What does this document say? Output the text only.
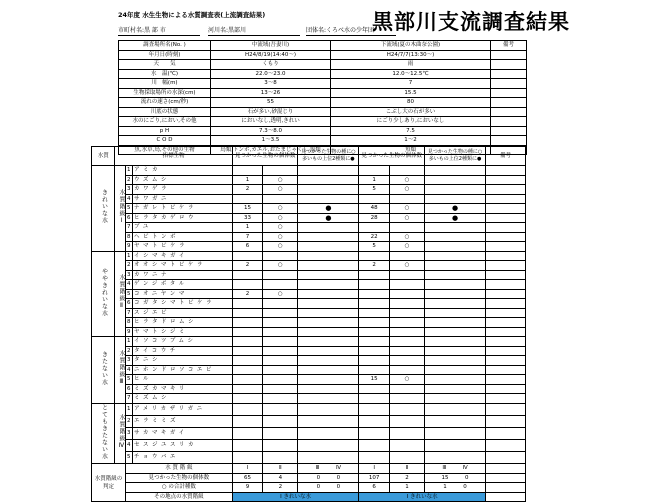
24年度 水生生物による水質調査表(上流調査結果)	黒部川支流調査結果
市町村名:黒 部 市	河川名:黒部川	団体名:くろべ水の少年団
調査場所名(No. )	中流域(吾妻川)	下流域(夏の木曲奈公園)	備考
年月日(時刻)	H24/8/19(14:40〜)	H24/7/7(13:30〜)	
天　　気	くもり	雨	
水　温(℃)	22.0〜23.0	12.0〜12.5℃	
川　幅(m)	3〜8	7	
生物採取場所の水深(cm)	13〜26	15.5	
流れの速さ(cm/秒)	55	80	
川底の状態	石が多い,砂混じり	こぶし大の石が多い	
水のにごり,におい,その他	においなし,透明,きれい	にごり少しあり,においなし	
p H	7.3〜8.0	7.5	
C O D	1〜3.5	1〜2	
魚,水草,鳥,その他の生物	鳥類,トンボ,カエル,おたまじゃくし,魚類	魚類	
水質	指標生物			見つかった生物の個体数		見つかった生物の種に○多いもの上位2種類に●	見つかった生物の個体数		見つかった生物の種に○多いもの上位2種類に●	備考
きれいな水	水質階級Ⅰ	1	アミカ							
		2	ウズムシ	1	○		1	○		
		3	カワゲラ	2	○		5	○		
		4	サワガニ							
		5	ナガレトビケラ	15	○	●	48	○	●	
		6	ヒラタカゲロウ	33	○	●	28	○	●	
		7	ブユ	1	○					
		8	ヘビトンボ	7	○		22	○		
		9	ヤマトビケラ	6	○		5	○		
ややきれいな水	水質階級Ⅱ	1	イシマキガイ							
		2	オオシマトビケラ	2	○		2	○		
		3	カワニナ							
		4	ゲンジボタル							
		5	コオニヤンマ	2	○					
		6	コガタシマトビケラ							
		7	スジエビ							
		8	ヒラタドロムシ							
		9	ヤマトシジミ							
きたない水	水質階級Ⅲ	1	イソコツブムシ							
		2	タイコウチ							
		3	タニシ							
		4	ニホンドロソコエビ							
		5	ヒル				15	○		
		6	ミズカマキリ							
		7	ミズムシ							
とてもきたない水	水質階級Ⅳ	1	アメリカザリガニ							
		2	エラミミズ							
		3	サカマキガイ							
		4	セスジユスリカ							
		5	チョウバエ							
水質階級の判定		水 質 階 級		Ⅰ	Ⅱ	Ⅲ　　　Ⅳ	Ⅰ	Ⅱ	Ⅲ　　　Ⅳ	
		見つかった生物の個体数		65	4	0　　　0	107	2	15　　　0	
		○ の合計種数		9	2	0　　　0	6	1	1　　　0	
		その地点の水質階級		Ⅰ きれいな水			Ⅰ きれいな水			
